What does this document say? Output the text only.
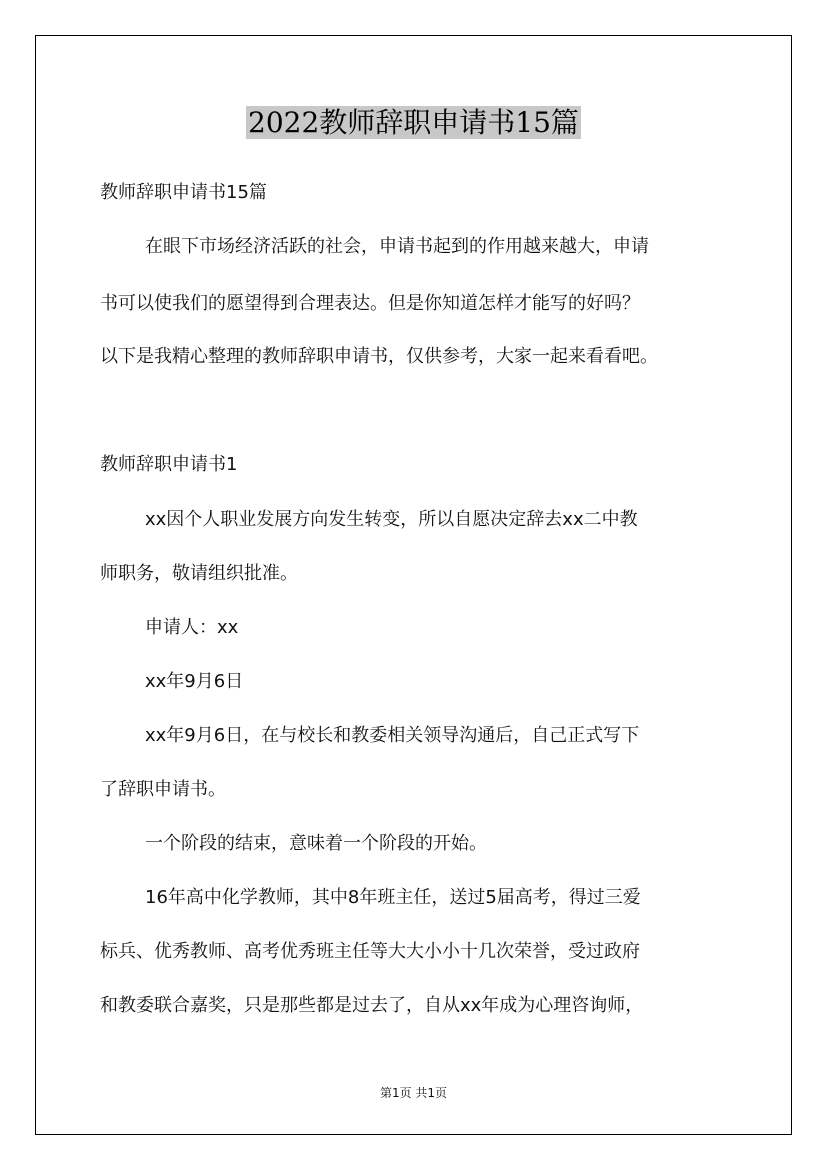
2022教师辞职申请书15篇
教师辞职申请书15篇
在眼下市场经济活跃的社会，申请书起到的作用越来越大，申请
书可以使我们的愿望得到合理表达。但是你知道怎样才能写的好吗？
以下是我精心整理的教师辞职申请书，仅供参考，大家一起来看看吧。
教师辞职申请书1
xx因个人职业发展方向发生转变，所以自愿决定辞去xx二中教
师职务，敬请组织批准。
申请人：xx
xx年9月6日
xx年9月6日，在与校长和教委相关领导沟通后，自己正式写下
了辞职申请书。
一个阶段的结束，意味着一个阶段的开始。
16年高中化学教师，其中8年班主任，送过5届高考，得过三爱
标兵、优秀教师、高考优秀班主任等大大小小十几次荣誉，受过政府
和教委联合嘉奖，只是那些都是过去了，自从xx年成为心理咨询师，
第1页 共1页
